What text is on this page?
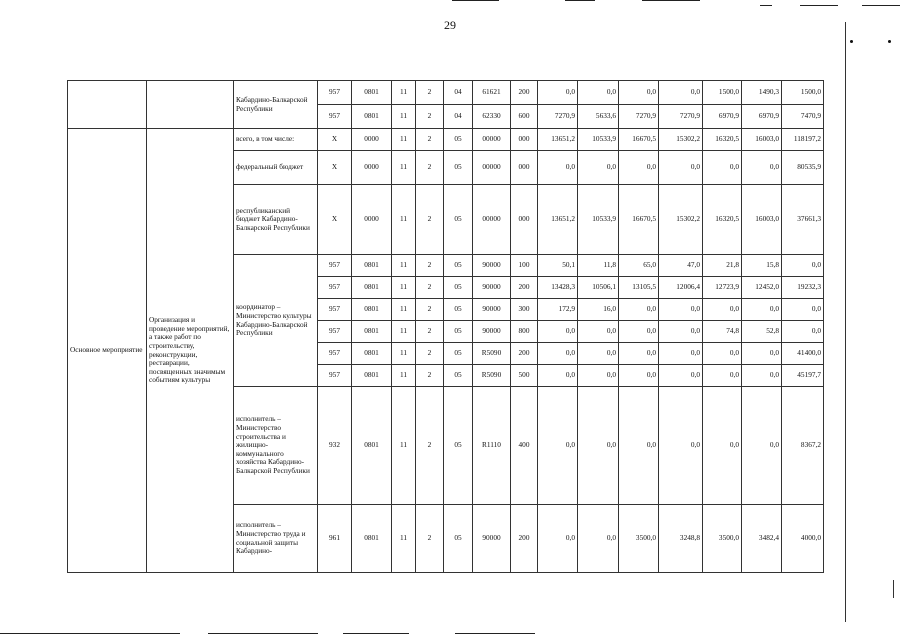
29
		Кабардино-Балкарской Республики	957	0801	11	2	04	61621	200	0,0	0,0	0,0	0,0	1500,0	1490,3	1500,0
			957	0801	11	2	04	62330	600	7270,9	5633,6	7270,9	7270,9	6970,9	6970,9	7470,9
Основное мероприятие	Организация и проведение мероприятий, а также работ по строительству, реконструкции, реставрации, посвященных значимым событиям культуры	всего, в том числе:	Х	0000	11	2	05	00000	000	13651,2	10533,9	16670,5	15302,2	16320,5	16003,0	118197,2
		федеральный бюджет	Х	0000	11	2	05	00000	000	0,0	0,0	0,0	0,0	0,0	0,0	80535,9
		республиканский бюджет Кабардино-Балкарской Республики	Х	0000	11	2	05	00000	000	13651,2	10533,9	16670,5	15302,2	16320,5	16003,0	37661,3
		координатор – Министерство культуры Кабардино-Балкарской Республики	957	0801	11	2	05	90000	100	50,1	11,8	65,0	47,0	21,8	15,8	0,0
			957	0801	11	2	05	90000	200	13428,3	10506,1	13105,5	12006,4	12723,9	12452,0	19232,3
			957	0801	11	2	05	90000	300	172,9	16,0	0,0	0,0	0,0	0,0	0,0
			957	0801	11	2	05	90000	800	0,0	0,0	0,0	0,0	74,8	52,8	0,0
			957	0801	11	2	05	R5090	200	0,0	0,0	0,0	0,0	0,0	0,0	41400,0
			957	0801	11	2	05	R5090	500	0,0	0,0	0,0	0,0	0,0	0,0	45197,7
		исполнитель – Министерство строительства и жилищно-коммунального хозяйства Кабардино-Балкарской Республики	932	0801	11	2	05	R1110	400	0,0	0,0	0,0	0,0	0,0	0,0	8367,2
		исполнитель – Министерство труда и социальной защиты Кабардино-	961	0801	11	2	05	90000	200	0,0	0,0	3500,0	3248,8	3500,0	3482,4	4000,0
